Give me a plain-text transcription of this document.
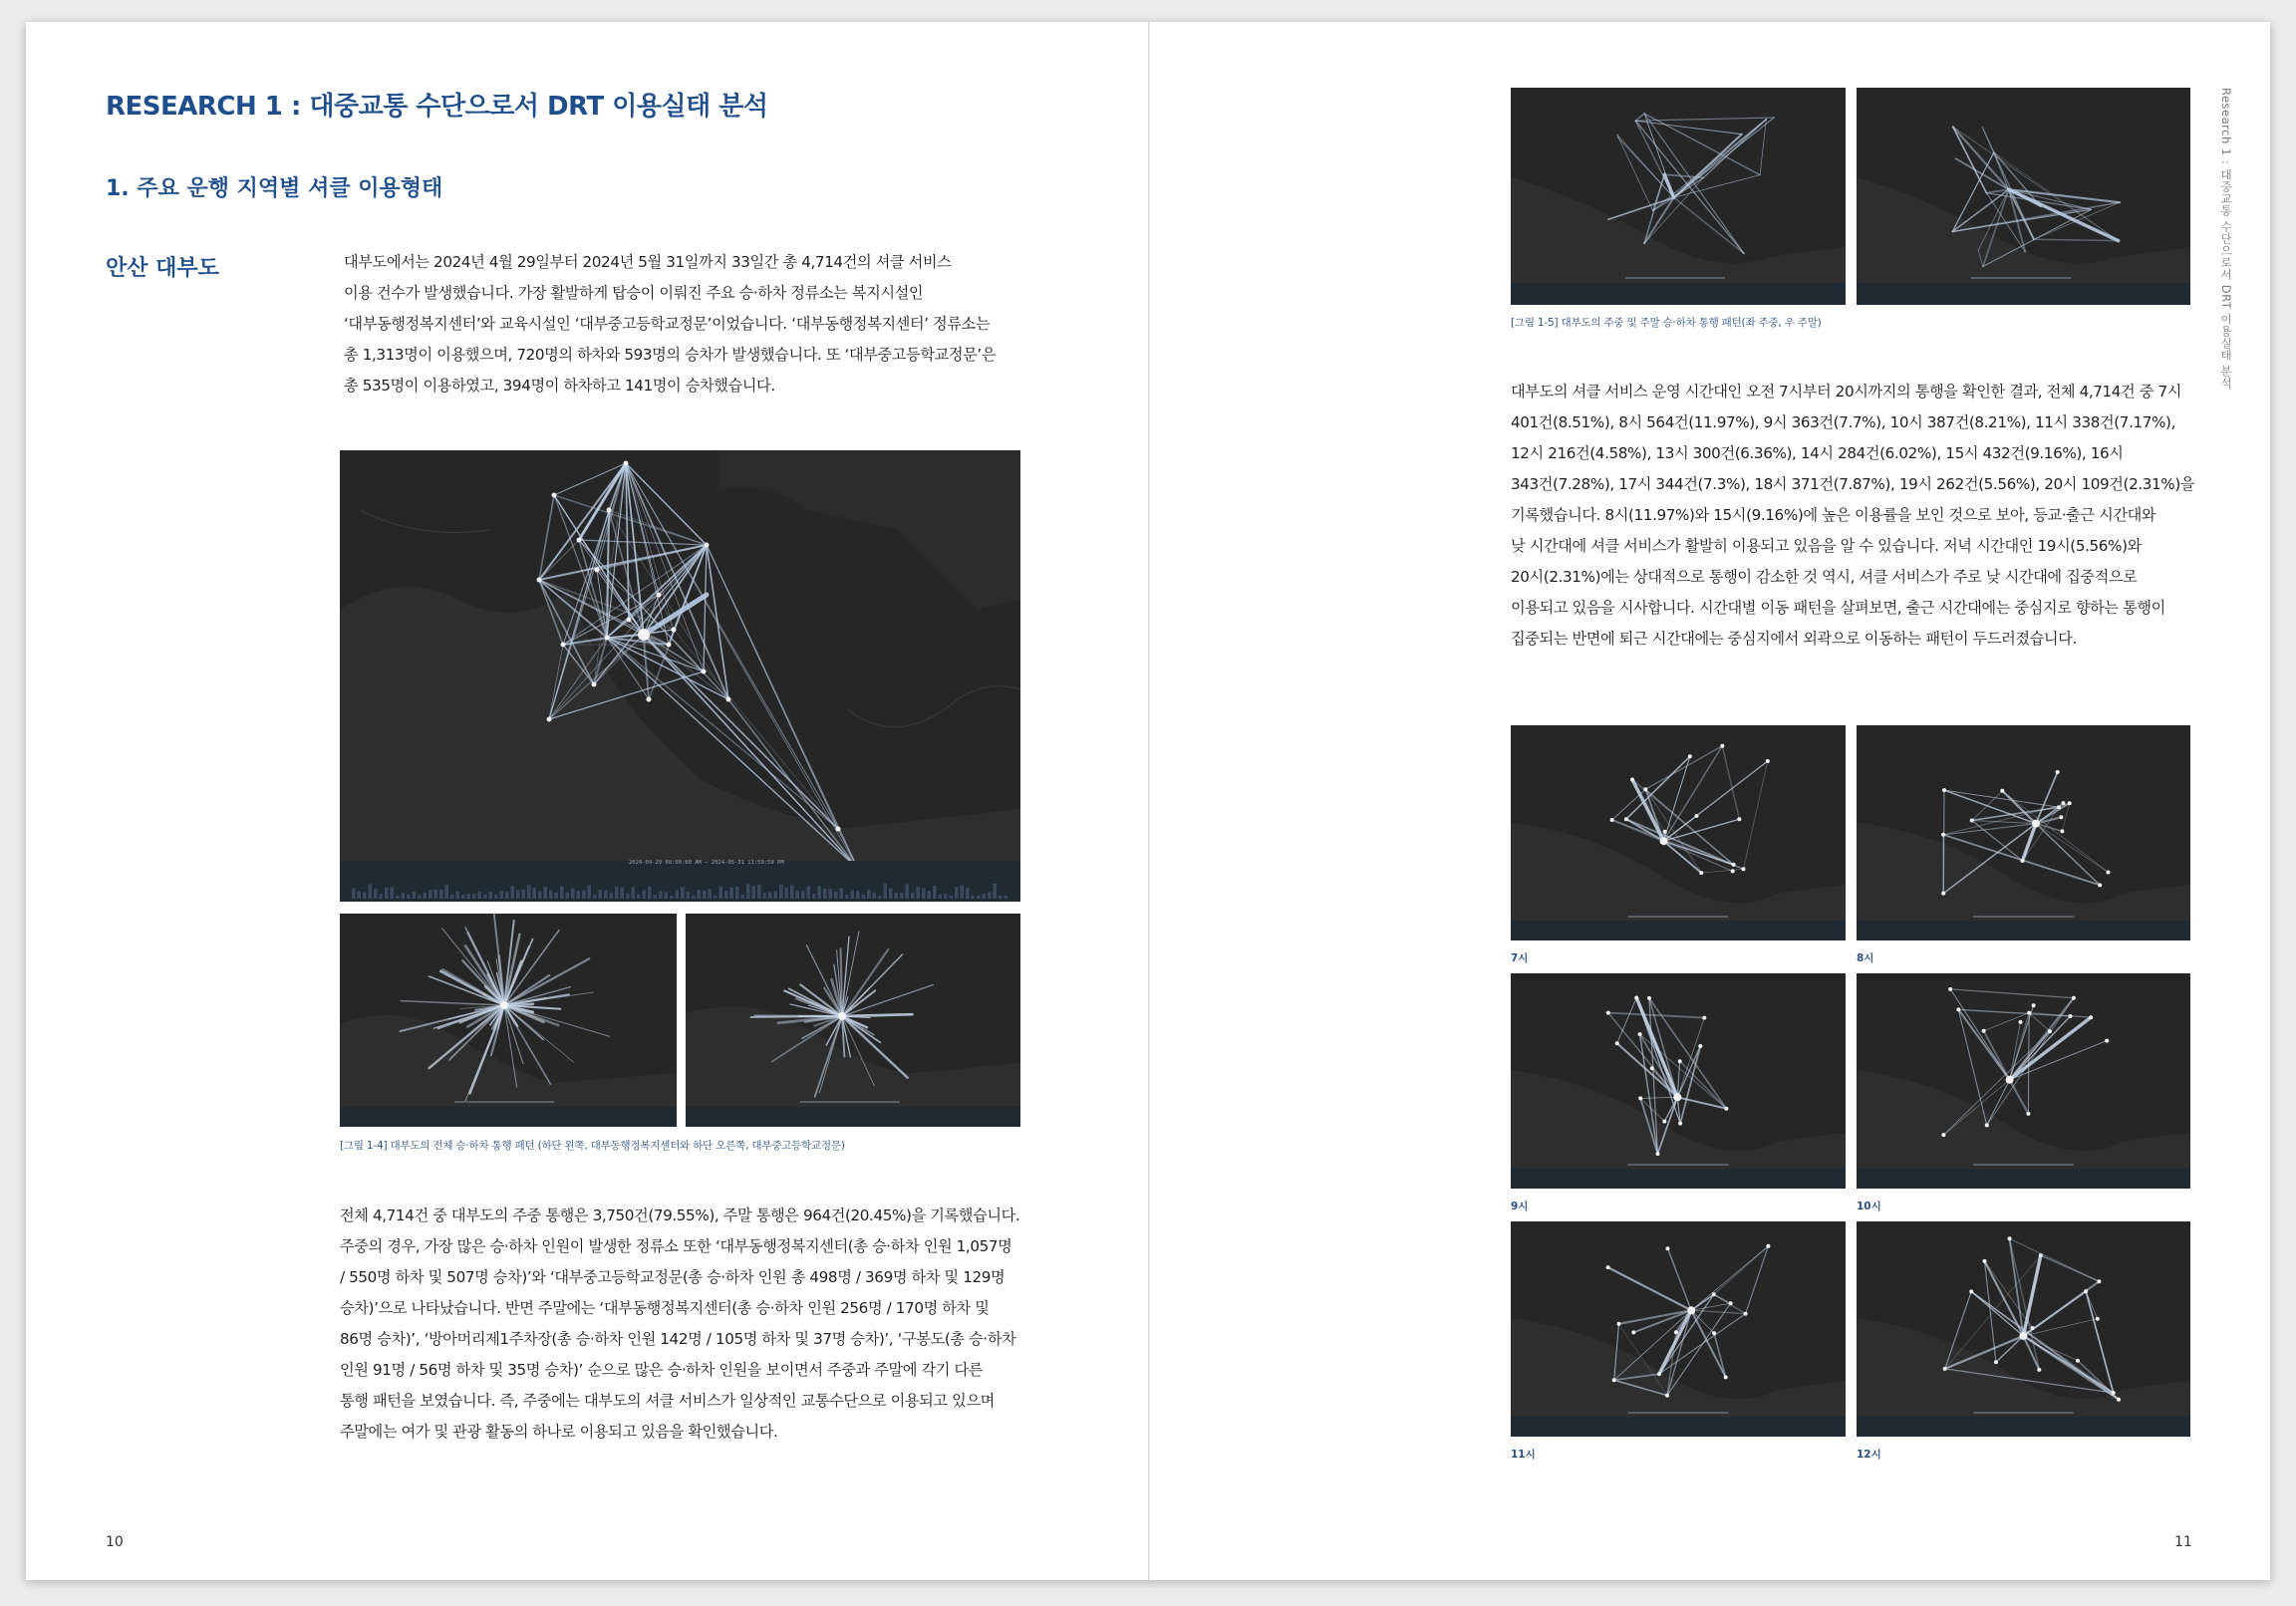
RESEARCH 1 : 대중교통 수단으로서 DRT 이용실태 분석
1. 주요 운행 지역별 셔클 이용형태
안산 대부도	대부도에서는 2024년 4월 29일부터 2024년 5월 31일까지 33일간 총 4,714건의 셔클 서비스
이용 건수가 발생했습니다. 가장 활발하게 탑승이 이뤄진 주요 승·하차 정류소는 복지시설인
‘대부동행정복지센터’와 교육시설인 ‘대부중고등학교정문’이었습니다. ‘대부동행정복지센터’ 정류소는
총 1,313명이 이용했으며, 720명의 하차와 593명의 승차가 발생했습니다. 또 ‘대부중고등학교정문’은
총 535명이 이용하였고, 394명이 하차하고 141명이 승차했습니다.
2024-04-29 08:00:00 AM – 2024-05-31 11:59:59 PM
[그림 1-4] 대부도의 전체 승·하차 통행 패턴 (하단 왼쪽, 대부동행정복지센터와 하단 오른쪽, 대부중고등학교정문)
전체 4,714건 중 대부도의 주중 통행은 3,750건(79.55%), 주말 통행은 964건(20.45%)을 기록했습니다.
주중의 경우, 가장 많은 승·하차 인원이 발생한 정류소 또한 ‘대부동행정복지센터(총 승·하차 인원 1,057명
/ 550명 하차 및 507명 승차)’와 ‘대부중고등학교정문(총 승·하차 인원 총 498명 / 369명 하차 및 129명
승차)’으로 나타났습니다. 반면 주말에는 ‘대부동행정복지센터(총 승·하차 인원 256명 / 170명 하차 및
86명 승차)’, ‘방아머리제1주차장(총 승·하차 인원 142명 / 105명 하차 및 37명 승차)’, ‘구봉도(총 승·하차
인원 91명 / 56명 하차 및 35명 승차)’ 순으로 많은 승·하차 인원을 보이면서 주중과 주말에 각기 다른
통행 패턴을 보였습니다. 즉, 주중에는 대부도의 셔클 서비스가 일상적인 교통수단으로 이용되고 있으며
주말에는 여가 및 관광 활동의 하나로 이용되고 있음을 확인했습니다.
10
Research 1 : 대중교통 수단으로서 DRT 이용실태 분석
[그림 1-5] 대부도의 주중 및 주말 승·하차 통행 패턴(좌 주중, 우 주말)
대부도의 셔클 서비스 운영 시간대인 오전 7시부터 20시까지의 통행을 확인한 결과, 전체 4,714건 중 7시
401건(8.51%), 8시 564건(11.97%), 9시 363건(7.7%), 10시 387건(8.21%), 11시 338건(7.17%),
12시 216건(4.58%), 13시 300건(6.36%), 14시 284건(6.02%), 15시 432건(9.16%), 16시
343건(7.28%), 17시 344건(7.3%), 18시 371건(7.87%), 19시 262건(5.56%), 20시 109건(2.31%)을
기록했습니다. 8시(11.97%)와 15시(9.16%)에 높은 이용률을 보인 것으로 보아, 등교·출근 시간대와
낮 시간대에 셔클 서비스가 활발히 이용되고 있음을 알 수 있습니다. 저녁 시간대인 19시(5.56%)와
20시(2.31%)에는 상대적으로 통행이 감소한 것 역시, 셔클 서비스가 주로 낮 시간대에 집중적으로
이용되고 있음을 시사합니다. 시간대별 이동 패턴을 살펴보면, 출근 시간대에는 중심지로 향하는 통행이
집중되는 반면에 퇴근 시간대에는 중심지에서 외곽으로 이동하는 패턴이 두드러졌습니다.
7시	8시
9시	10시
11시	12시
11
